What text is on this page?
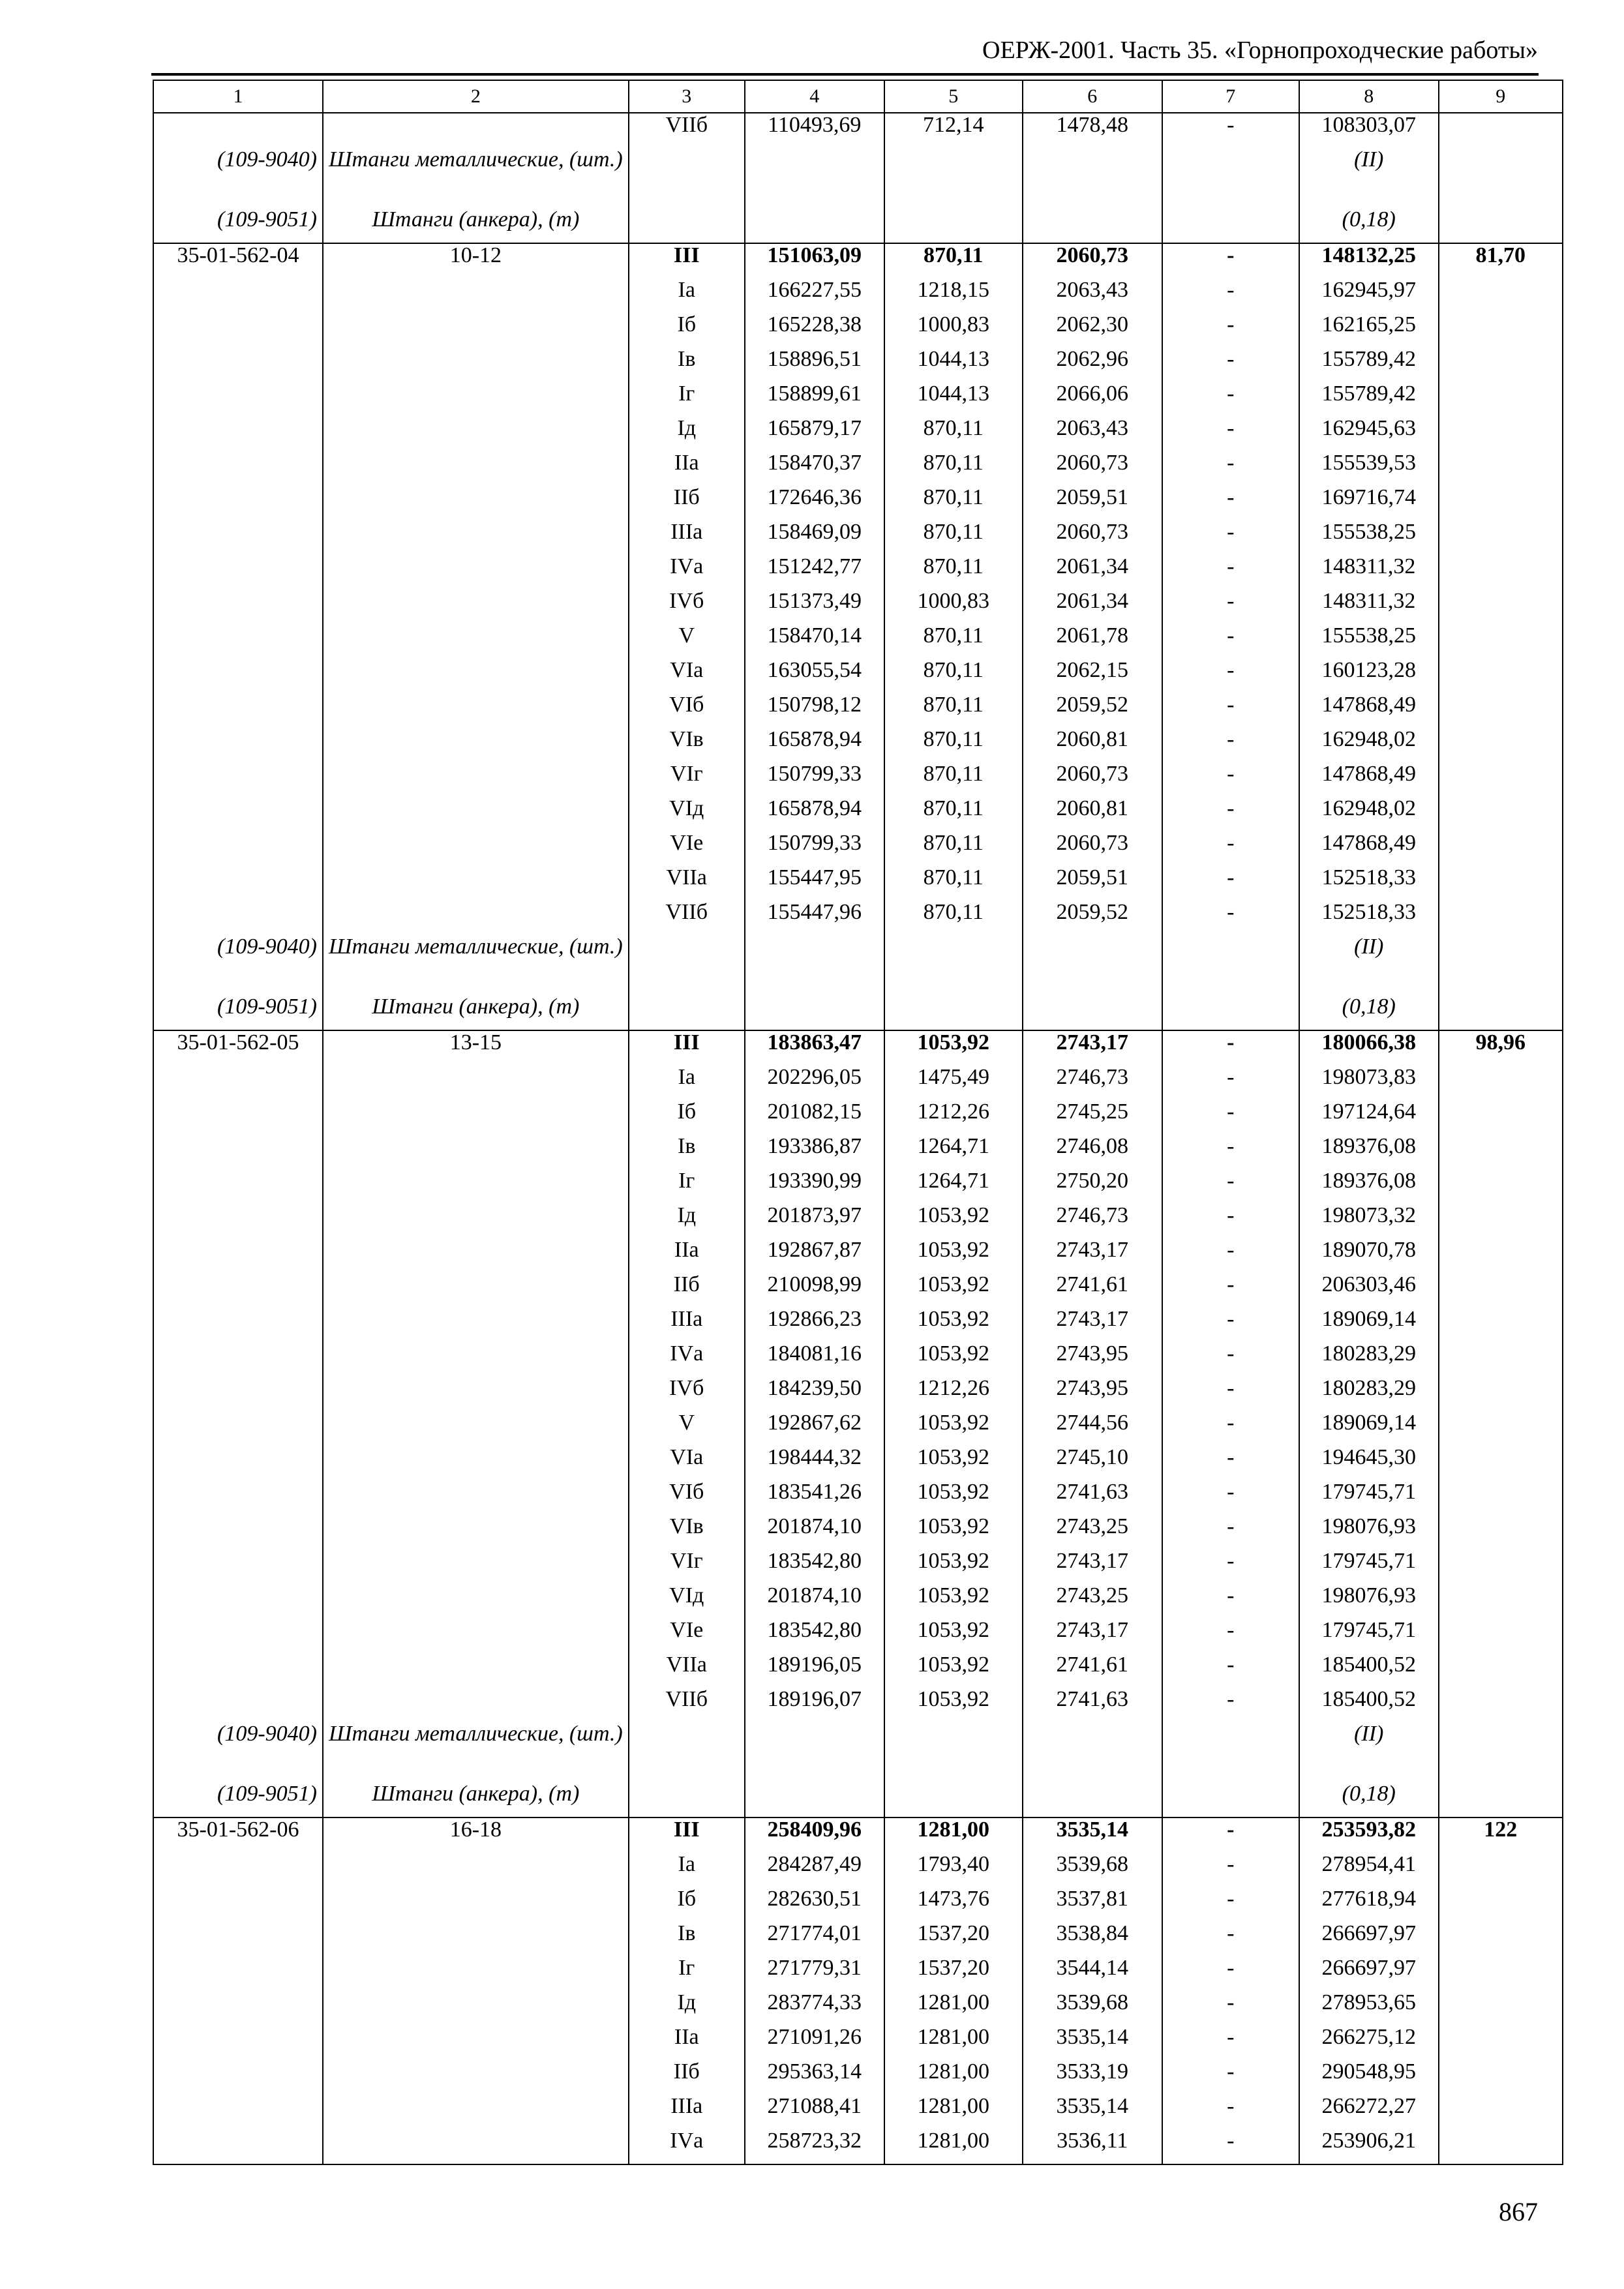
ОЕРЖ-2001. Часть 35. «Горнопроходческие работы»
1	2	3	4	5	6	7	8	9
		VIIб	110493,69	712,14	1478,48	-	108303,07	
(109-9040)	Штанги металлические, (шт.)						(II)	
(109-9051)	Штанги (анкера), (т)						(0,18)	
35-01-562-04	10-12	III	151063,09	870,11	2060,73	-	148132,25	81,70
		Iа	166227,55	1218,15	2063,43	-	162945,97	
		Iб	165228,38	1000,83	2062,30	-	162165,25	
		Iв	158896,51	1044,13	2062,96	-	155789,42	
		Iг	158899,61	1044,13	2066,06	-	155789,42	
		Iд	165879,17	870,11	2063,43	-	162945,63	
		IIа	158470,37	870,11	2060,73	-	155539,53	
		IIб	172646,36	870,11	2059,51	-	169716,74	
		IIIа	158469,09	870,11	2060,73	-	155538,25	
		IVа	151242,77	870,11	2061,34	-	148311,32	
		IVб	151373,49	1000,83	2061,34	-	148311,32	
		V	158470,14	870,11	2061,78	-	155538,25	
		VIа	163055,54	870,11	2062,15	-	160123,28	
		VIб	150798,12	870,11	2059,52	-	147868,49	
		VIв	165878,94	870,11	2060,81	-	162948,02	
		VIг	150799,33	870,11	2060,73	-	147868,49	
		VIд	165878,94	870,11	2060,81	-	162948,02	
		VIе	150799,33	870,11	2060,73	-	147868,49	
		VIIа	155447,95	870,11	2059,51	-	152518,33	
		VIIб	155447,96	870,11	2059,52	-	152518,33	
(109-9040)	Штанги металлические, (шт.)						(II)	
(109-9051)	Штанги (анкера), (т)						(0,18)	
35-01-562-05	13-15	III	183863,47	1053,92	2743,17	-	180066,38	98,96
		Iа	202296,05	1475,49	2746,73	-	198073,83	
		Iб	201082,15	1212,26	2745,25	-	197124,64	
		Iв	193386,87	1264,71	2746,08	-	189376,08	
		Iг	193390,99	1264,71	2750,20	-	189376,08	
		Iд	201873,97	1053,92	2746,73	-	198073,32	
		IIа	192867,87	1053,92	2743,17	-	189070,78	
		IIб	210098,99	1053,92	2741,61	-	206303,46	
		IIIа	192866,23	1053,92	2743,17	-	189069,14	
		IVа	184081,16	1053,92	2743,95	-	180283,29	
		IVб	184239,50	1212,26	2743,95	-	180283,29	
		V	192867,62	1053,92	2744,56	-	189069,14	
		VIа	198444,32	1053,92	2745,10	-	194645,30	
		VIб	183541,26	1053,92	2741,63	-	179745,71	
		VIв	201874,10	1053,92	2743,25	-	198076,93	
		VIг	183542,80	1053,92	2743,17	-	179745,71	
		VIд	201874,10	1053,92	2743,25	-	198076,93	
		VIе	183542,80	1053,92	2743,17	-	179745,71	
		VIIа	189196,05	1053,92	2741,61	-	185400,52	
		VIIб	189196,07	1053,92	2741,63	-	185400,52	
(109-9040)	Штанги металлические, (шт.)						(II)	
(109-9051)	Штанги (анкера), (т)						(0,18)	
35-01-562-06	16-18	III	258409,96	1281,00	3535,14	-	253593,82	122
		Iа	284287,49	1793,40	3539,68	-	278954,41	
		Iб	282630,51	1473,76	3537,81	-	277618,94	
		Iв	271774,01	1537,20	3538,84	-	266697,97	
		Iг	271779,31	1537,20	3544,14	-	266697,97	
		Iд	283774,33	1281,00	3539,68	-	278953,65	
		IIа	271091,26	1281,00	3535,14	-	266275,12	
		IIб	295363,14	1281,00	3533,19	-	290548,95	
		IIIа	271088,41	1281,00	3535,14	-	266272,27	
		IVа	258723,32	1281,00	3536,11	-	253906,21	
867
